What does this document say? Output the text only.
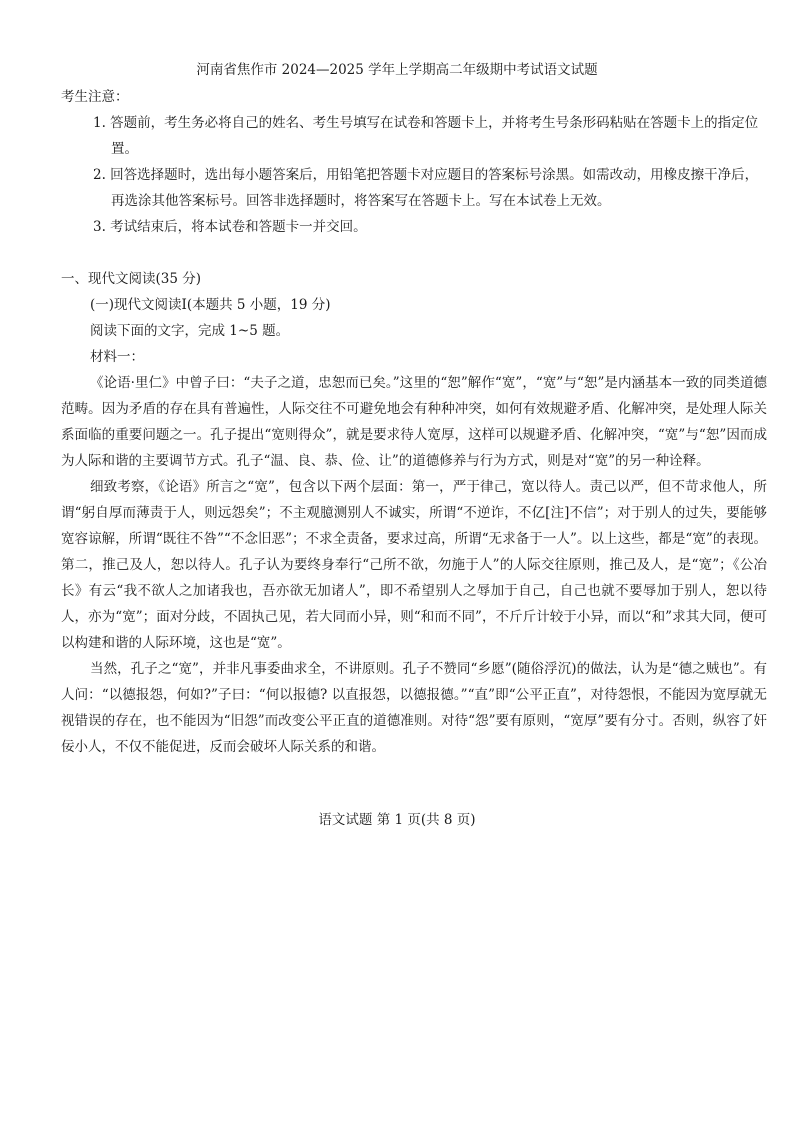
河南省焦作市 2024—2025 学年上学期高二年级期中考试语文试题

考生注意：

1. 答题前，考生务必将自己的姓名、考生号填写在试卷和答题卡上，并将考生号条形码粘贴在答题卡上的指定位置。

2. 回答选择题时，选出每小题答案后，用铅笔把答题卡对应题目的答案标号涂黑。如需改动，用橡皮擦干净后，再选涂其他答案标号。回答非选择题时，将答案写在答题卡上。写在本试卷上无效。

3. 考试结束后，将本试卷和答题卡一并交回。

一、现代文阅读(35 分)

(一)现代文阅读Ⅰ(本题共 5 小题，19 分)

阅读下面的文字，完成 1~5 题。

材料一：

《论语·里仁》中曾子曰：“夫子之道，忠恕而已矣。”这里的“恕”解作“宽”，“宽”与“恕”是内涵基本一致的同类道德范畴。因为矛盾的存在具有普遍性，人际交往不可避免地会有种种冲突，如何有效规避矛盾、化解冲突，是处理人际关系面临的重要问题之一。孔子提出“宽则得众”，就是要求待人宽厚，这样可以规避矛盾、化解冲突，“宽”与“恕”因而成为人际和谐的主要调节方式。孔子“温、良、恭、俭、让”的道德修养与行为方式，则是对“宽”的另一种诠释。

细致考察，《论语》所言之“宽”，包含以下两个层面：第一，严于律己，宽以待人。责己以严，但不苛求他人，所谓“躬自厚而薄责于人，则远怨矣”；不主观臆测别人不诚实，所谓“不逆诈，不亿[注]不信”；对于别人的过失，要能够宽容谅解，所谓“既往不咎”“不念旧恶”；不求全责备，要求过高，所谓“无求备于一人”。以上这些，都是“宽”的表现。第二，推己及人，恕以待人。孔子认为要终身奉行“己所不欲，勿施于人”的人际交往原则，推己及人，是“宽”；《公冶长》有云“我不欲人之加诸我也，吾亦欲无加诸人”，即不希望别人之辱加于自己，自己也就不要辱加于别人，恕以待人，亦为“宽”；面对分歧，不固执己见，若大同而小异，则“和而不同”，不斤斤计较于小异，而以“和”求其大同，便可以构建和谐的人际环境，这也是“宽”。

当然，孔子之“宽”，并非凡事委曲求全，不讲原则。孔子不赞同“乡愿”(随俗浮沉)的做法，认为是“德之贼也”。有人问：“以德报怨，何如?”子曰：“何以报德? 以直报怨，以德报德。”“直”即“公平正直”，对待怨恨，不能因为宽厚就无视错误的存在，也不能因为“旧怨”而改变公平正直的道德准则。对待“怨”要有原则，“宽厚”要有分寸。否则，纵容了奸佞小人，不仅不能促进，反而会破坏人际关系的和谐。

语文试题 第 1 页(共 8 页)
